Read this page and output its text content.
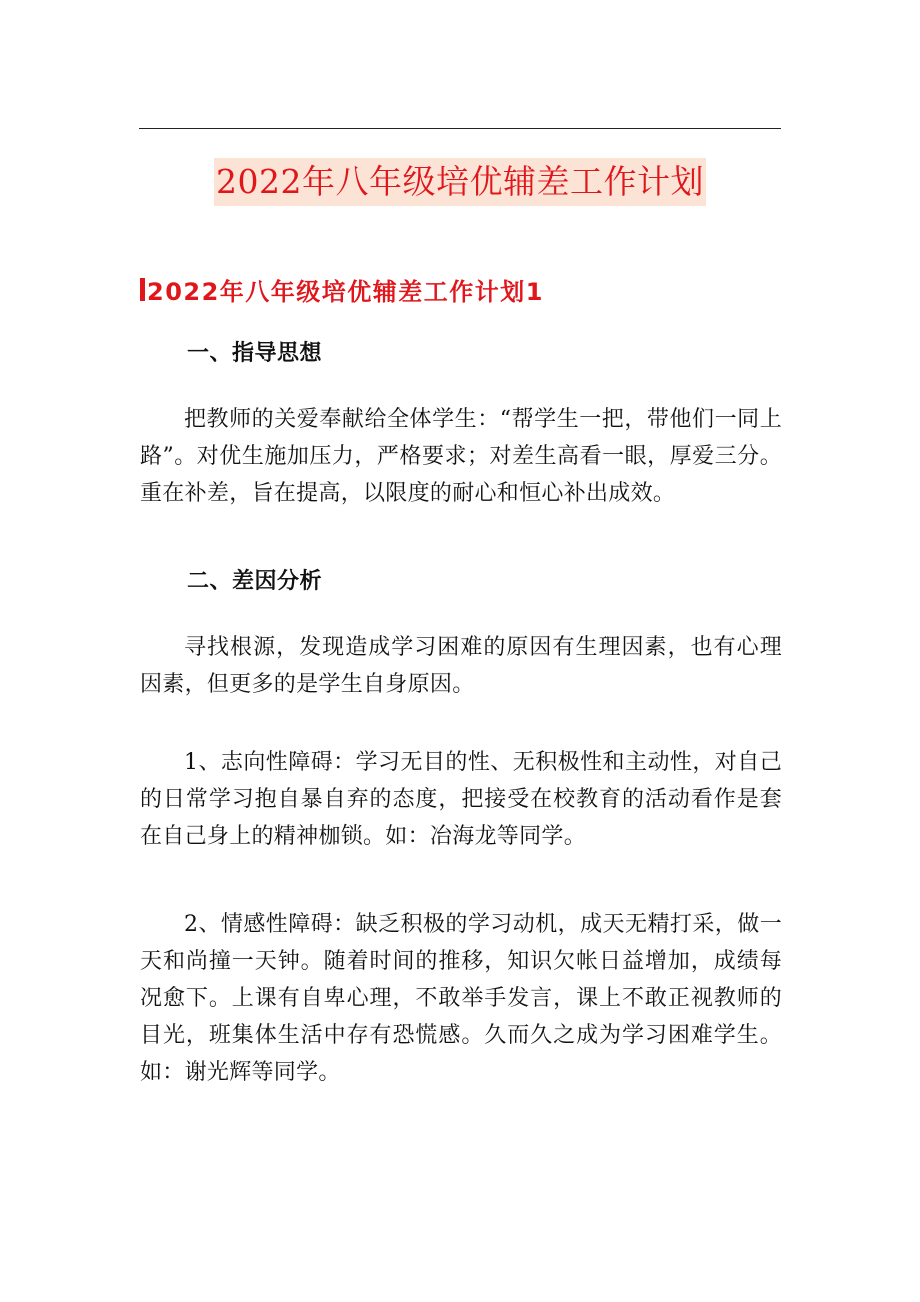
2022年八年级培优辅差工作计划
2022年八年级培优辅差工作计划1
一、指导思想
把教师的关爱奉献给全体学生：“帮学生一把，带他们一同上路”。对优生施加压力，严格要求；对差生高看一眼，厚爱三分。重在补差，旨在提高，以限度的耐心和恒心补出成效。
二、差因分析
寻找根源，发现造成学习困难的原因有生理因素，也有心理因素，但更多的是学生自身原因。
1、志向性障碍：学习无目的性、无积极性和主动性，对自己的日常学习抱自暴自弃的态度，把接受在校教育的活动看作是套在自己身上的精神枷锁。如：冶海龙等同学。
2、情感性障碍：缺乏积极的学习动机，成天无精打采，做一天和尚撞一天钟。随着时间的推移，知识欠帐日益增加，成绩每况愈下。上课有自卑心理，不敢举手发言，课上不敢正视教师的目光，班集体生活中存有恐慌感。久而久之成为学习困难学生。如：谢光辉等同学。
